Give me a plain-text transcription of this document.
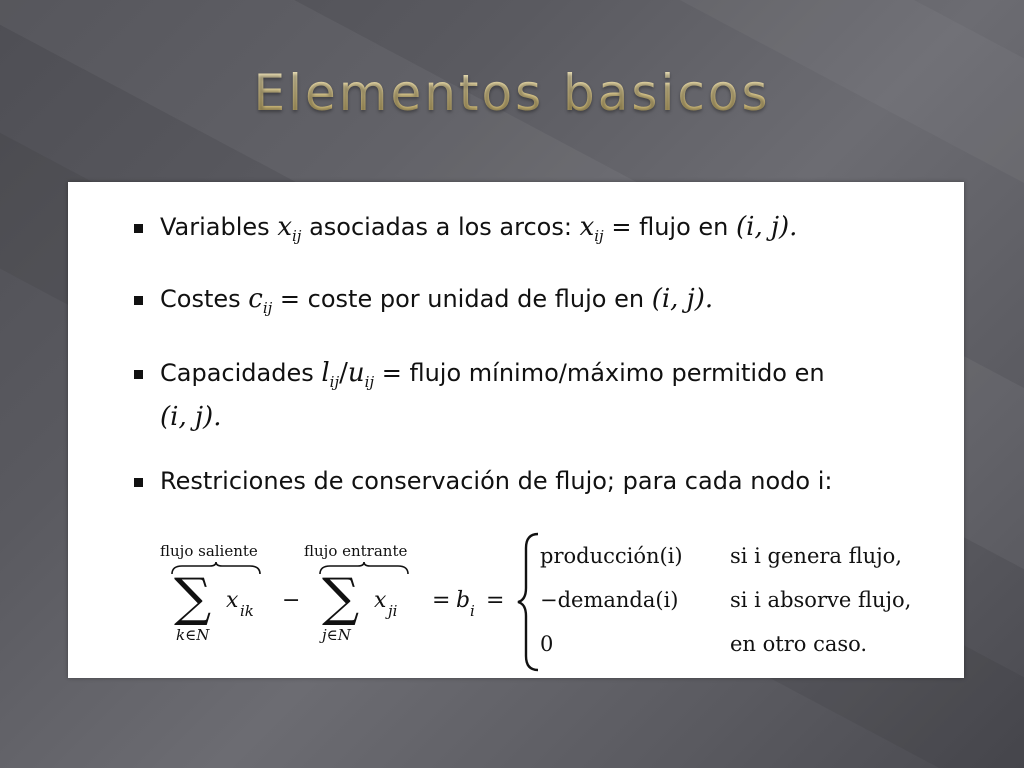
Elementos basicos
Variables $x_{ij}$ asociadas a los arcos: $x_{ij}$ = flujo en (i, j).
Costes $c_{ij}$ = coste por unidad de flujo en (i, j).
Capacidades $l_{ij}/u_{ij}$ = flujo mínimo/máximo permitido en
(i, j).
Restriciones de conservación de flujo; para cada nodo i:
flujo saliente
∑ x ik
k∈N
−
flujo entrante
∑ x ji
j∈N
= b i =
producción(i) si i genera flujo,
−demanda(i) si i absorve flujo,
0	en otro caso.
